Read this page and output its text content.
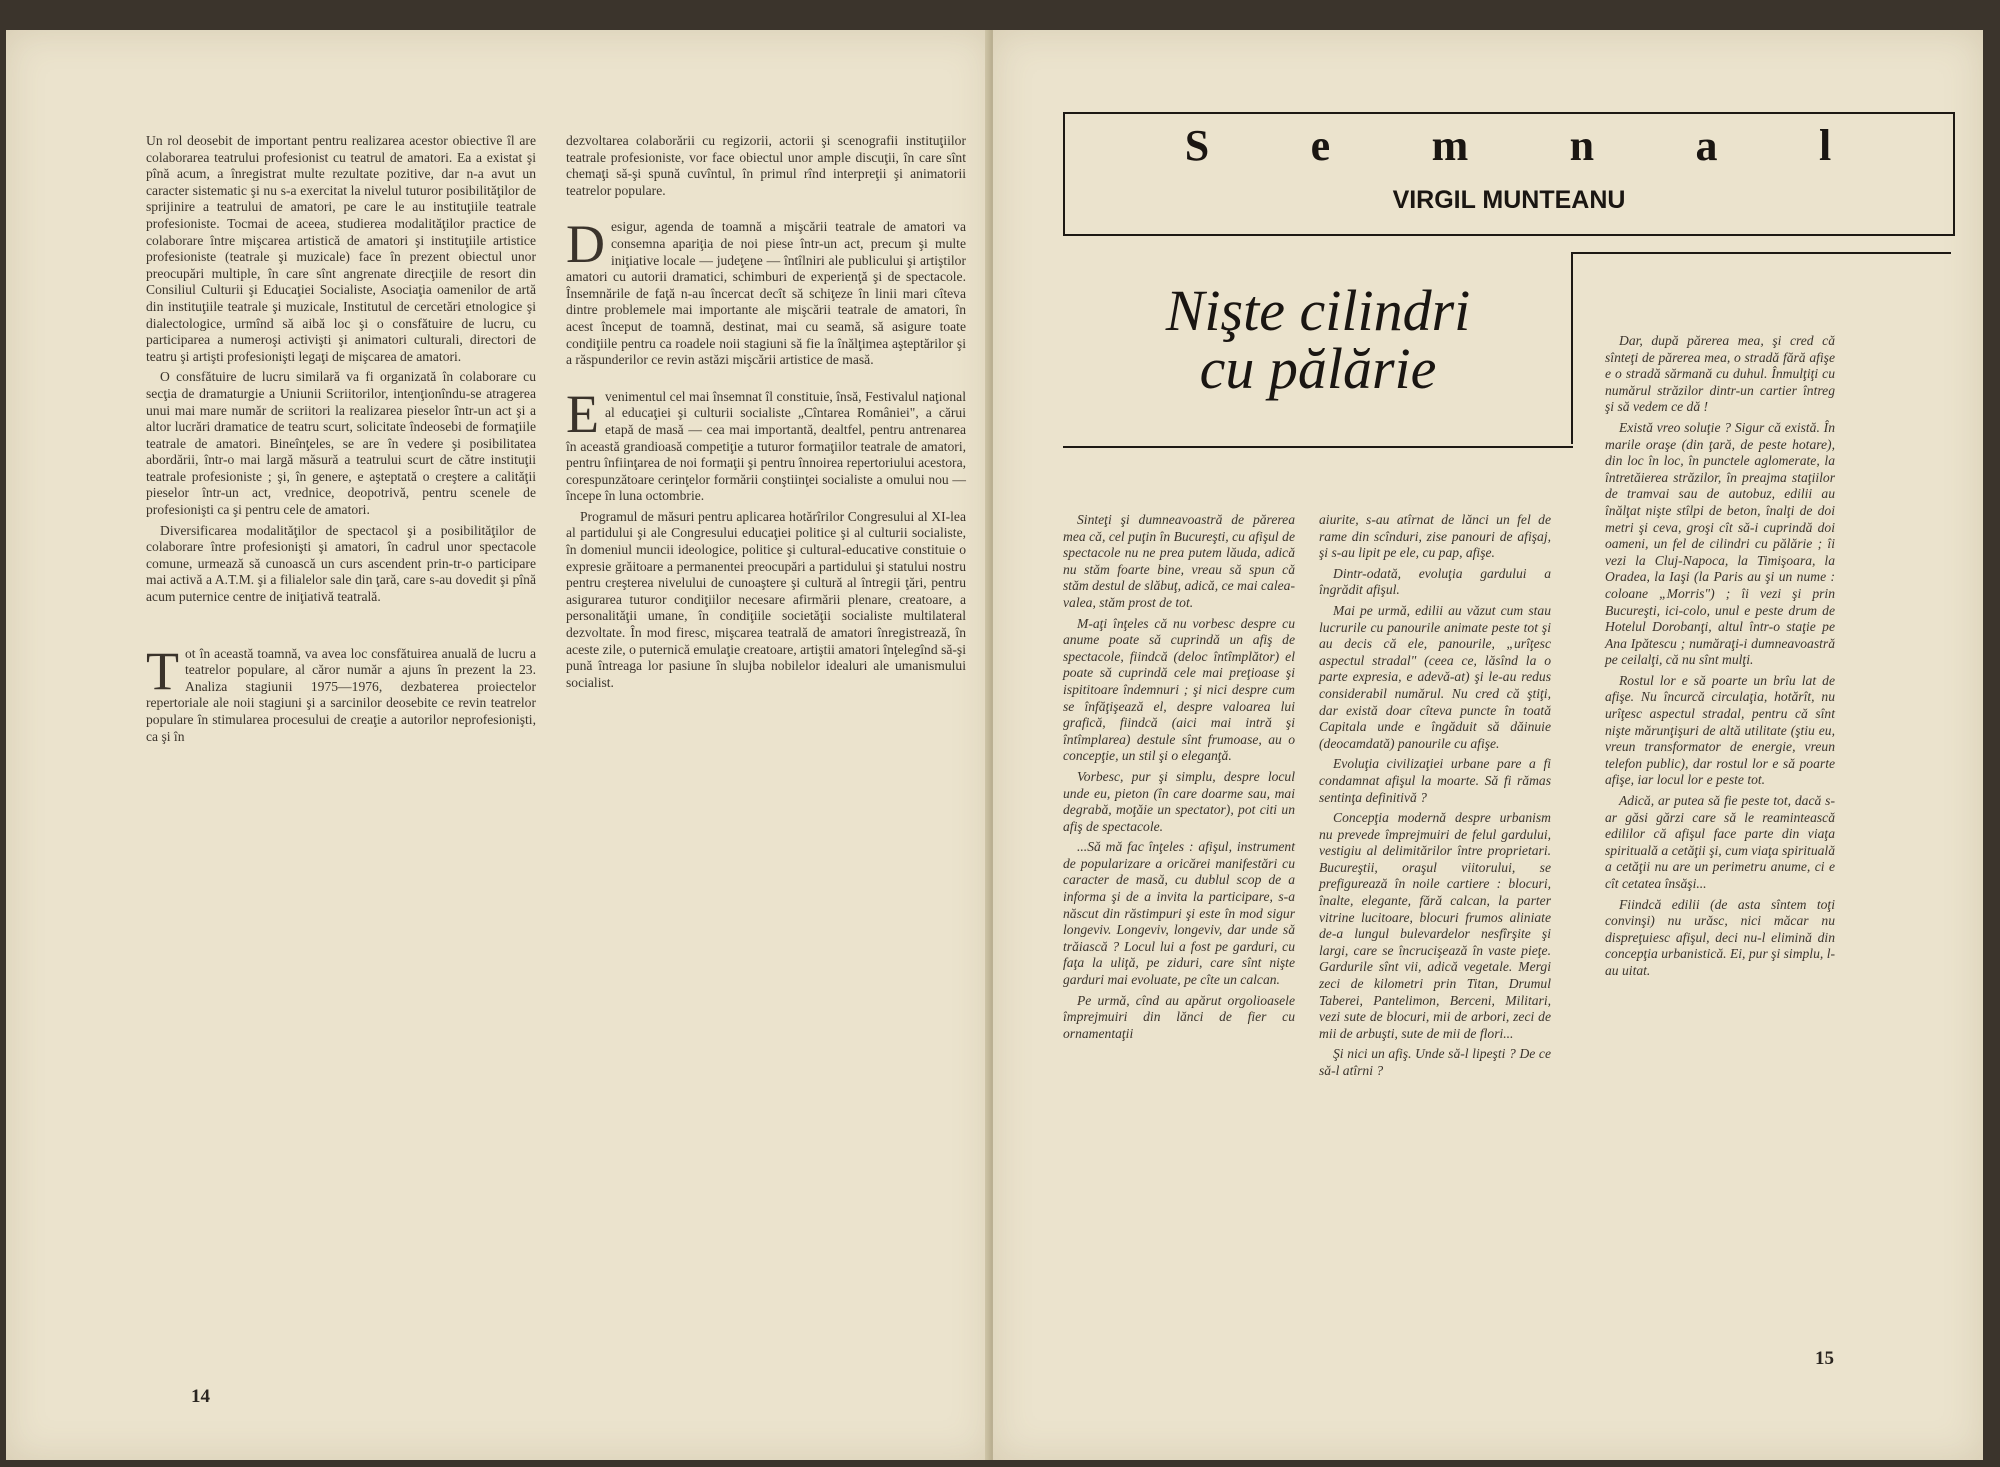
Un rol deosebit de important pentru realizarea acestor obiective îl are colaborarea teatrului profesionist cu teatrul de amatori. Ea a existat şi pînă acum, a înregistrat multe rezultate pozitive, dar n-a avut un caracter sistematic şi nu s-a exercitat la nivelul tuturor posibilităţilor de sprijinire a teatrului de amatori, pe care le au instituţiile teatrale profesioniste. Tocmai de aceea, studierea modalităţilor practice de colaborare între mişcarea artistică de amatori şi instituţiile artistice profesioniste (teatrale şi muzicale) face în prezent obiectul unor preocupări multiple, în care sînt angrenate direcţiile de resort din Consiliul Culturii şi Educaţiei Socialiste, Asociaţia oamenilor de artă din instituţiile teatrale şi muzicale, Institutul de cercetări etnologice şi dialectologice, urmînd să aibă loc şi o consfătuire de lucru, cu participarea a numeroşi activişti şi animatori culturali, directori de teatru şi artişti profesionişti legaţi de mişcarea de amatori.

O consfătuire de lucru similară va fi organizată în colaborare cu secţia de dramaturgie a Uniunii Scriitorilor, intenţionîndu-se atragerea unui mai mare număr de scriitori la realizarea pieselor într-un act şi a altor lucrări dramatice de teatru scurt, solicitate îndeosebi de formaţiile teatrale de amatori. Bineînţeles, se are în vedere şi posibilitatea abordării, într-o mai largă măsură a teatrului scurt de către instituţii teatrale profesioniste ; şi, în genere, e aşteptată o creştere a calităţii pieselor într-un act, vrednice, deopotrivă, pentru scenele de profesionişti ca şi pentru cele de amatori.

Diversificarea modalităţilor de spectacol şi a posibilităţilor de colaborare între profesionişti şi amatori, în cadrul unor spectacole comune, urmează să cunoască un curs ascendent prin-tr-o participare mai activă a A.T.M. şi a filialelor sale din ţară, care s-au dovedit şi pînă acum puternice centre de iniţiativă teatrală.

Tot în această toamnă, va avea loc consfătuirea anuală de lucru a teatrelor populare, al căror număr a ajuns în prezent la 23. Analiza stagiunii 1975—1976, dezbaterea proiectelor repertoriale ale noii stagiuni şi a sarcinilor deosebite ce revin teatrelor populare în stimularea procesului de creaţie a autorilor neprofesionişti, ca şi în

dezvoltarea colaborării cu regizorii, actorii şi scenografii instituţiilor teatrale profesioniste, vor face obiectul unor ample discuţii, în care sînt chemaţi să-şi spună cuvîntul, în primul rînd interpreţii şi animatorii teatrelor populare.

Desigur, agenda de toamnă a mişcării teatrale de amatori va consemna apariţia de noi piese într-un act, precum şi multe iniţiative locale — judeţene — întîlniri ale publicului şi artiştilor amatori cu autorii dramatici, schimburi de experienţă şi de spectacole. Însemnările de faţă n-au încercat decît să schiţeze în linii mari cîteva dintre problemele mai importante ale mişcării teatrale de amatori, în acest început de toamnă, destinat, mai cu seamă, să asigure toate condiţiile pentru ca roadele noii stagiuni să fie la înălţimea aşteptărilor şi a răspunderilor ce revin astăzi mişcării artistice de masă.

Evenimentul cel mai însemnat îl constituie, însă, Festivalul naţional al educaţiei şi culturii socialiste „Cîntarea României", a cărui etapă de masă — cea mai importantă, dealtfel, pentru antrenarea în această grandioasă competiţie a tuturor formaţiilor teatrale de amatori, pentru înfiinţarea de noi formaţii şi pentru înnoirea repertoriului acestora, corespunzătoare cerinţelor formării conştiinţei socialiste a omului nou — începe în luna octombrie.

Programul de măsuri pentru aplicarea hotărîrilor Congresului al XI-lea al partidului şi ale Congresului educaţiei politice şi al culturii socialiste, în domeniul muncii ideologice, politice şi cultural-educative constituie o expresie grăitoare a permanentei preocupări a partidului şi statului nostru pentru creşterea nivelului de cunoaştere şi cultură al întregii ţări, pentru asigurarea tuturor condiţiilor necesare afirmării plenare, creatoare, a personalităţii umane, în condiţiile societăţii socialiste multilateral dezvoltate. În mod firesc, mişcarea teatrală de amatori înregistrează, în aceste zile, o puternică emulaţie creatoare, artiştii amatori înţelegînd să-şi pună întreaga lor pasiune în slujba nobilelor idealuri ale umanismului socialist.

14
S e m n a l
VIRGIL MUNTEANU
Nişte cilindri
cu pălărie

Sinteţi şi dumneavoastră de părerea mea că, cel puţin în Bucureşti, cu afişul de spectacole nu ne prea putem lăuda, adică nu stăm foarte bine, vreau să spun că stăm destul de slăbuţ, adică, ce mai calea-valea, stăm prost de tot.

M-aţi înţeles că nu vorbesc despre cu anume poate să cuprindă un afiş de spectacole, fiindcă (deloc întîmplător) el poate să cuprindă cele mai preţioase şi ispititoare îndemnuri ; şi nici despre cum se înfăţişează el, despre valoarea lui grafică, fiindcă (aici mai intră şi întîmplarea) destule sînt frumoase, au o concepţie, un stil şi o eleganţă.

Vorbesc, pur şi simplu, despre locul unde eu, pieton (în care doarme sau, mai degrabă, moţăie un spectator), pot citi un afiş de spectacole.

...Să mă fac înţeles : afişul, instrument de popularizare a oricărei manifestări cu caracter de masă, cu dublul scop de a informa şi de a invita la participare, s-a născut din răstimpuri şi este în mod sigur longeviv. Longeviv, longeviv, dar unde să trăiască ? Locul lui a fost pe garduri, cu faţa la uliţă, pe ziduri, care sînt nişte garduri mai evoluate, pe cîte un calcan.

Pe urmă, cînd au apărut orgolioasele împrejmuiri din lănci de fier cu ornamentaţii

aiurite, s-au atîrnat de lănci un fel de rame din scînduri, zise panouri de afişaj, şi s-au lipit pe ele, cu pap, afişe.

Dintr-odată, evoluţia gardului a îngrădit afişul.

Mai pe urmă, edilii au văzut cum stau lucrurile cu panourile animate peste tot şi au decis că ele, panourile, „urîţesc aspectul stradal" (ceea ce, lăsînd la o parte expresia, e adevă-at) şi le-au redus considerabil numărul. Nu cred că ştiţi, dar există doar cîteva puncte în toată Capitala unde e îngăduit să dăinuie (deocamdată) panourile cu afişe.

Evoluţia civilizaţiei urbane pare a fi condamnat afişul la moarte. Să fi rămas sentinţa definitivă ?

Concepţia modernă despre urbanism nu prevede împrejmuiri de felul gardului, vestigiu al delimitărilor între proprietari. Bucureştii, oraşul viitorului, se prefigurează în noile cartiere : blocuri, înalte, elegante, fără calcan, la parter vitrine lucitoare, blocuri frumos aliniate de-a lungul bulevardelor nesfîrşite şi largi, care se încrucişează în vaste pieţe. Gardurile sînt vii, adică vegetale. Mergi zeci de kilometri prin Titan, Drumul Taberei, Pantelimon, Berceni, Militari, vezi sute de blocuri, mii de arbori, zeci de mii de arbuşti, sute de mii de flori...

Şi nici un afiş. Unde să-l lipeşti ? De ce să-l atîrni ?

Dar, după părerea mea, şi cred că sînteţi de părerea mea, o stradă fără afişe e o stradă sărmană cu duhul. Înmulţiţi cu numărul străzilor dintr-un cartier întreg şi să vedem ce dă !

Există vreo soluţie ? Sigur că există. În marile oraşe (din ţară, de peste hotare), din loc în loc, în punctele aglomerate, la întretăierea străzilor, în preajma staţiilor de tramvai sau de autobuz, edilii au înălţat nişte stîlpi de beton, înalţi de doi metri şi ceva, groşi cît să-i cuprindă doi oameni, un fel de cilindri cu pălărie ; îi vezi la Cluj-Napoca, la Timişoara, la Oradea, la Iaşi (la Paris au şi un nume : coloane „Morris") ; îi vezi şi prin Bucureşti, ici-colo, unul e peste drum de Hotelul Dorobanţi, altul într-o staţie pe Ana Ipătescu ; număraţi-i dumneavoastră pe ceilalţi, că nu sînt mulţi.

Rostul lor e să poarte un brîu lat de afişe. Nu încurcă circulaţia, hotărît, nu urîţesc aspectul stradal, pentru că sînt nişte mărunţişuri de altă utilitate (ştiu eu, vreun transformator de energie, vreun telefon public), dar rostul lor e să poarte afişe, iar locul lor e peste tot.

Adică, ar putea să fie peste tot, dacă s-ar găsi gărzi care să le reamintească edililor că afişul face parte din viaţa spirituală a cetăţii şi, cum viaţa spirituală a cetăţii nu are un perimetru anume, ci e cît cetatea însăşi...

Fiindcă edilii (de asta sîntem toţi convinşi) nu urăsc, nici măcar nu dispreţuiesc afişul, deci nu-l elimină din concepţia urbanistică. Ei, pur şi simplu, l-au uitat.

15
